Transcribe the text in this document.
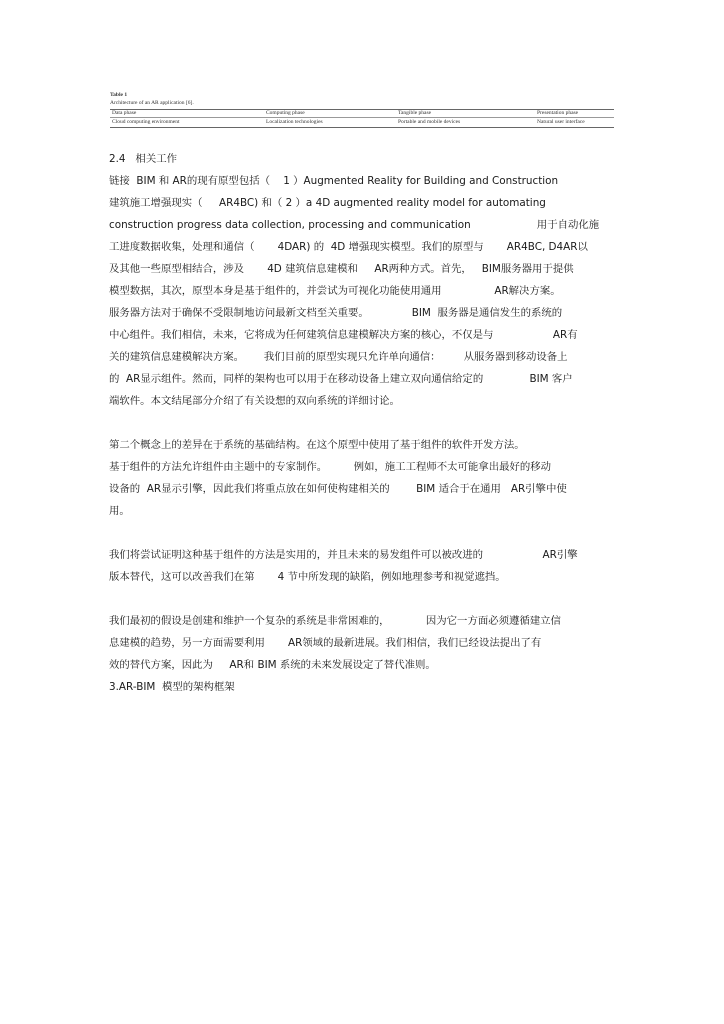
Table 1
Architecture of an AR application [6].
Data phase	Computing phase	Tangible phase	Presentation phase
Cloud computing environment	Localization technologies	Portable and mobile devices	Natural user interface
2.4   相关工作
链接  BIM 和 AR的现有原型包括（    1 ）Augmented Reality for Building and Construction
建筑施工增强现实（     AR4BC) 和（ 2 ）a 4D augmented reality model for automating
construction progress data collection, processing and communication                    用于自动化施
工进度数据收集，处理和通信（       4DAR) 的  4D 增强现实模型。我们的原型与       AR4BC, D4AR以
及其他一些原型相结合，涉及       4D 建筑信息建模和     AR两种方式。首先，   BIM服务器用于提供
模型数据，其次，原型本身是基于组件的，并尝试为可视化功能使用通用                AR解决方案。
服务器方法对于确保不受限制地访问最新文档至关重要。             BIM  服务器是通信发生的系统的
中心组件。我们相信，未来，它将成为任何建筑信息建模解决方案的核心，不仅是与                  AR有
关的建筑信息建模解决方案。      我们目前的原型实现只允许单向通信：       从服务器到移动设备上
的  AR显示组件。然而，同样的架构也可以用于在移动设备上建立双向通信给定的              BIM 客户
端软件。本文结尾部分介绍了有关设想的双向系统的详细讨论。
第二个概念上的差异在于系统的基础结构。在这个原型中使用了基于组件的软件开发方法。
基于组件的方法允许组件由主题中的专家制作。        例如，施工工程师不太可能拿出最好的移动
设备的  AR显示引擎，因此我们将重点放在如何使构建相关的        BIM 适合于在通用   AR引擎中使
用。
我们将尝试证明这种基于组件的方法是实用的，并且未来的易发组件可以被改进的                  AR引擎
版本替代，这可以改善我们在第       4 节中所发现的缺陷，例如地理参考和视觉遮挡。
我们最初的假设是创建和维护一个复杂的系统是非常困难的，           因为它一方面必须遵循建立信
息建模的趋势，另一方面需要利用       AR领域的最新进展。我们相信，我们已经设法提出了有
效的替代方案，因此为     AR和 BIM 系统的未来发展设定了替代准则。
3.AR-BIM  模型的架构框架
